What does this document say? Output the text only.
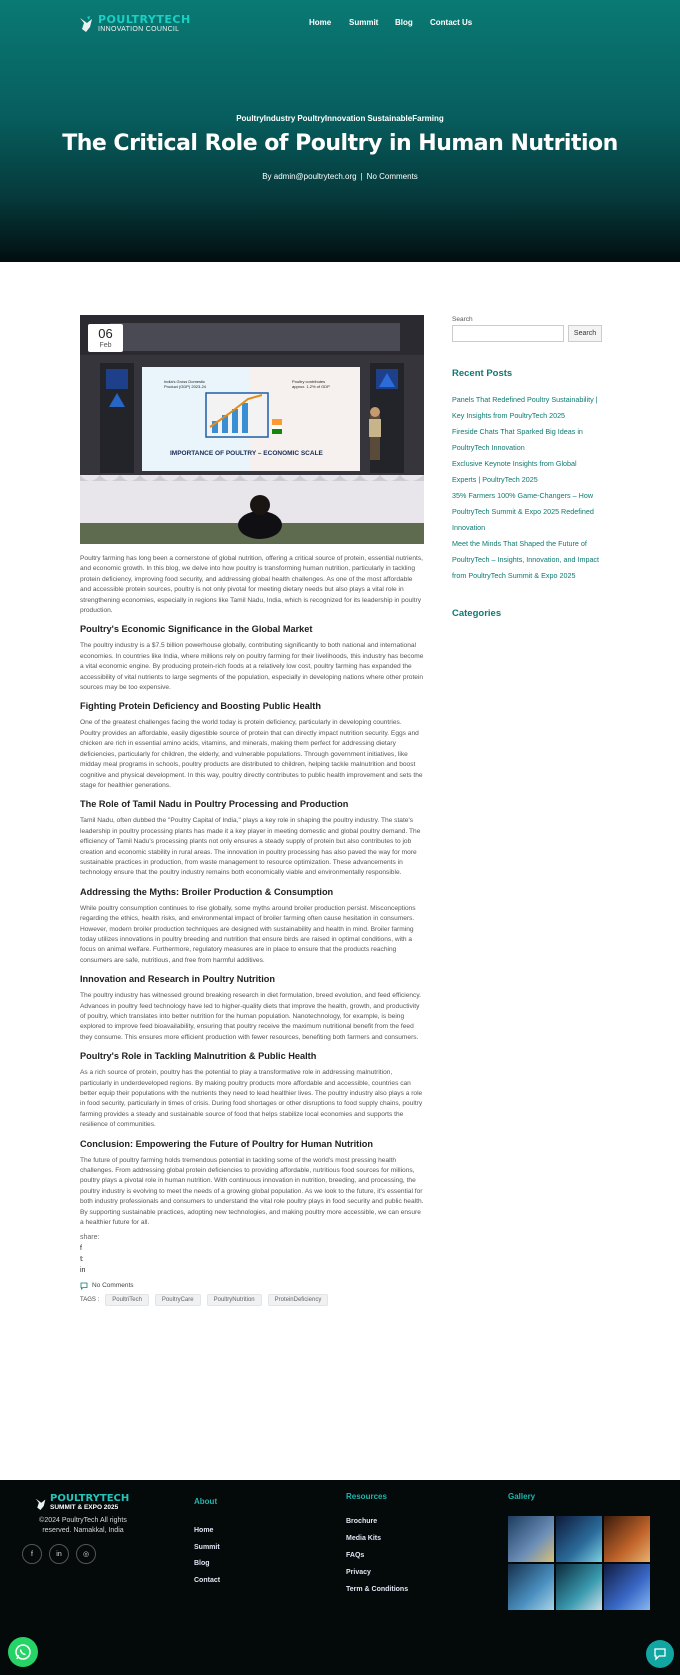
POULTRYTECH
INNOVATION COUNCIL
Home Summit Blog Contact Us
PoultryIndustry PoultryInnovation SustainableFarming
The Critical Role of Poultry in Human Nutrition
By admin@poultrytech.org | No Comments
IMPORTANCE OF POULTRY – ECONOMIC SCALE
India's Gross Domestic
Product (GDP) 2023-24
Poultry contributes
approx. 1.2% of GDP
06
Feb

Poultry farming has long been a cornerstone of global nutrition, offering a critical source of protein, essential nutrients, and economic growth. In this blog, we delve into how poultry is transforming human nutrition, particularly in tackling protein deficiency, improving food security, and addressing global health challenges. As one of the most affordable and accessible protein sources, poultry is not only pivotal for meeting dietary needs but also plays a vital role in strengthening economies, especially in regions like Tamil Nadu, India, which is recognized for its leadership in poultry production.

Poultry's Economic Significance in the Global Market

The poultry industry is a $7.5 billion powerhouse globally, contributing significantly to both national and international economies. In countries like India, where millions rely on poultry farming for their livelihoods, this industry has become a vital economic engine. By producing protein-rich foods at a relatively low cost, poultry farming has expanded the accessibility of vital nutrients to large segments of the population, especially in developing nations where other protein sources may be too expensive.

Fighting Protein Deficiency and Boosting Public Health

One of the greatest challenges facing the world today is protein deficiency, particularly in developing countries. Poultry provides an affordable, easily digestible source of protein that can directly impact nutrition security. Eggs and chicken are rich in essential amino acids, vitamins, and minerals, making them perfect for addressing dietary deficiencies, particularly for children, the elderly, and vulnerable populations. Through government initiatives, like midday meal programs in schools, poultry products are distributed to children, helping tackle malnutrition and boost cognitive and physical development. In this way, poultry directly contributes to public health improvement and sets the stage for healthier generations.

The Role of Tamil Nadu in Poultry Processing and Production

Tamil Nadu, often dubbed the "Poultry Capital of India," plays a key role in shaping the poultry industry. The state's leadership in poultry processing plants has made it a key player in meeting domestic and global poultry demand. The efficiency of Tamil Nadu's processing plants not only ensures a steady supply of protein but also contributes to job creation and economic stability in rural areas. The innovation in poultry processing has also paved the way for more sustainable practices in production, from waste management to resource optimization. These advancements in technology ensure that the poultry industry remains both economically viable and environmentally responsible.

Addressing the Myths: Broiler Production & Consumption

While poultry consumption continues to rise globally, some myths around broiler production persist. Misconceptions regarding the ethics, health risks, and environmental impact of broiler farming often cause hesitation in consumers. However, modern broiler production techniques are designed with sustainability and health in mind. Broiler farming today utilizes innovations in poultry breeding and nutrition that ensure birds are raised in optimal conditions, with a focus on animal welfare. Furthermore, regulatory measures are in place to ensure that the products reaching consumers are safe, nutritious, and free from harmful additives.

Innovation and Research in Poultry Nutrition

The poultry industry has witnessed ground breaking research in diet formulation, breed evolution, and feed efficiency. Advances in poultry feed technology have led to higher-quality diets that improve the health, growth, and productivity of poultry, which translates into better nutrition for the human population. Nanotechnology, for example, is being explored to improve feed bioavailability, ensuring that poultry receive the maximum nutritional benefit from the feed they consume. This ensures more efficient production with fewer resources, benefiting both farmers and consumers.

Poultry's Role in Tackling Malnutrition & Public Health

As a rich source of protein, poultry has the potential to play a transformative role in addressing malnutrition, particularly in underdeveloped regions. By making poultry products more affordable and accessible, countries can better equip their populations with the nutrients they need to lead healthier lives. The poultry industry also plays a role in food security, particularly in times of crisis. During food shortages or other disruptions to food supply chains, poultry farming provides a steady and sustainable source of food that helps stabilize local economies and supports the resilience of communities.

Conclusion: Empowering the Future of Poultry for Human Nutrition

The future of poultry farming holds tremendous potential in tackling some of the world's most pressing health challenges. From addressing global protein deficiencies to providing affordable, nutritious food sources for millions, poultry plays a pivotal role in human nutrition. With continuous innovation in nutrition, breeding, and processing, the poultry industry is evolving to meet the needs of a growing global population. As we look to the future, it's essential for both industry professionals and consumers to understand the vital role poultry plays in food security and public health. By supporting sustainable practices, adopting new technologies, and making poultry more accessible, we can ensure a healthier future for all.

share:
f
𝕥
in
No Comments
TAGS :	PoultriTech	PoultryCare	PoultryNutrition	ProteinDeficiency
Search
Search
Recent Posts
Panels That Redefined Poultry Sustainability | Key Insights from PoultryTech 2025
Fireside Chats That Sparked Big Ideas in PoultryTech Innovation
Exclusive Keynote Insights from Global Experts | PoultryTech 2025
35% Farmers 100% Game-Changers – How PoultryTech Summit & Expo 2025 Redefined Innovation
Meet the Minds That Shaped the Future of PoultryTech – Insights, Innovation, and Impact from PoultryTech Summit & Expo 2025
Categories
POULTRYTECH
SUMMIT & EXPO 2025
©2024 PoultryTech All rights reserved. Namakkal, India
f	in	◎
About
Home
Summit
Blog
Contact
Resources
Brochure
Media Kits
FAQs
Privacy
Term & Conditions
Gallery
